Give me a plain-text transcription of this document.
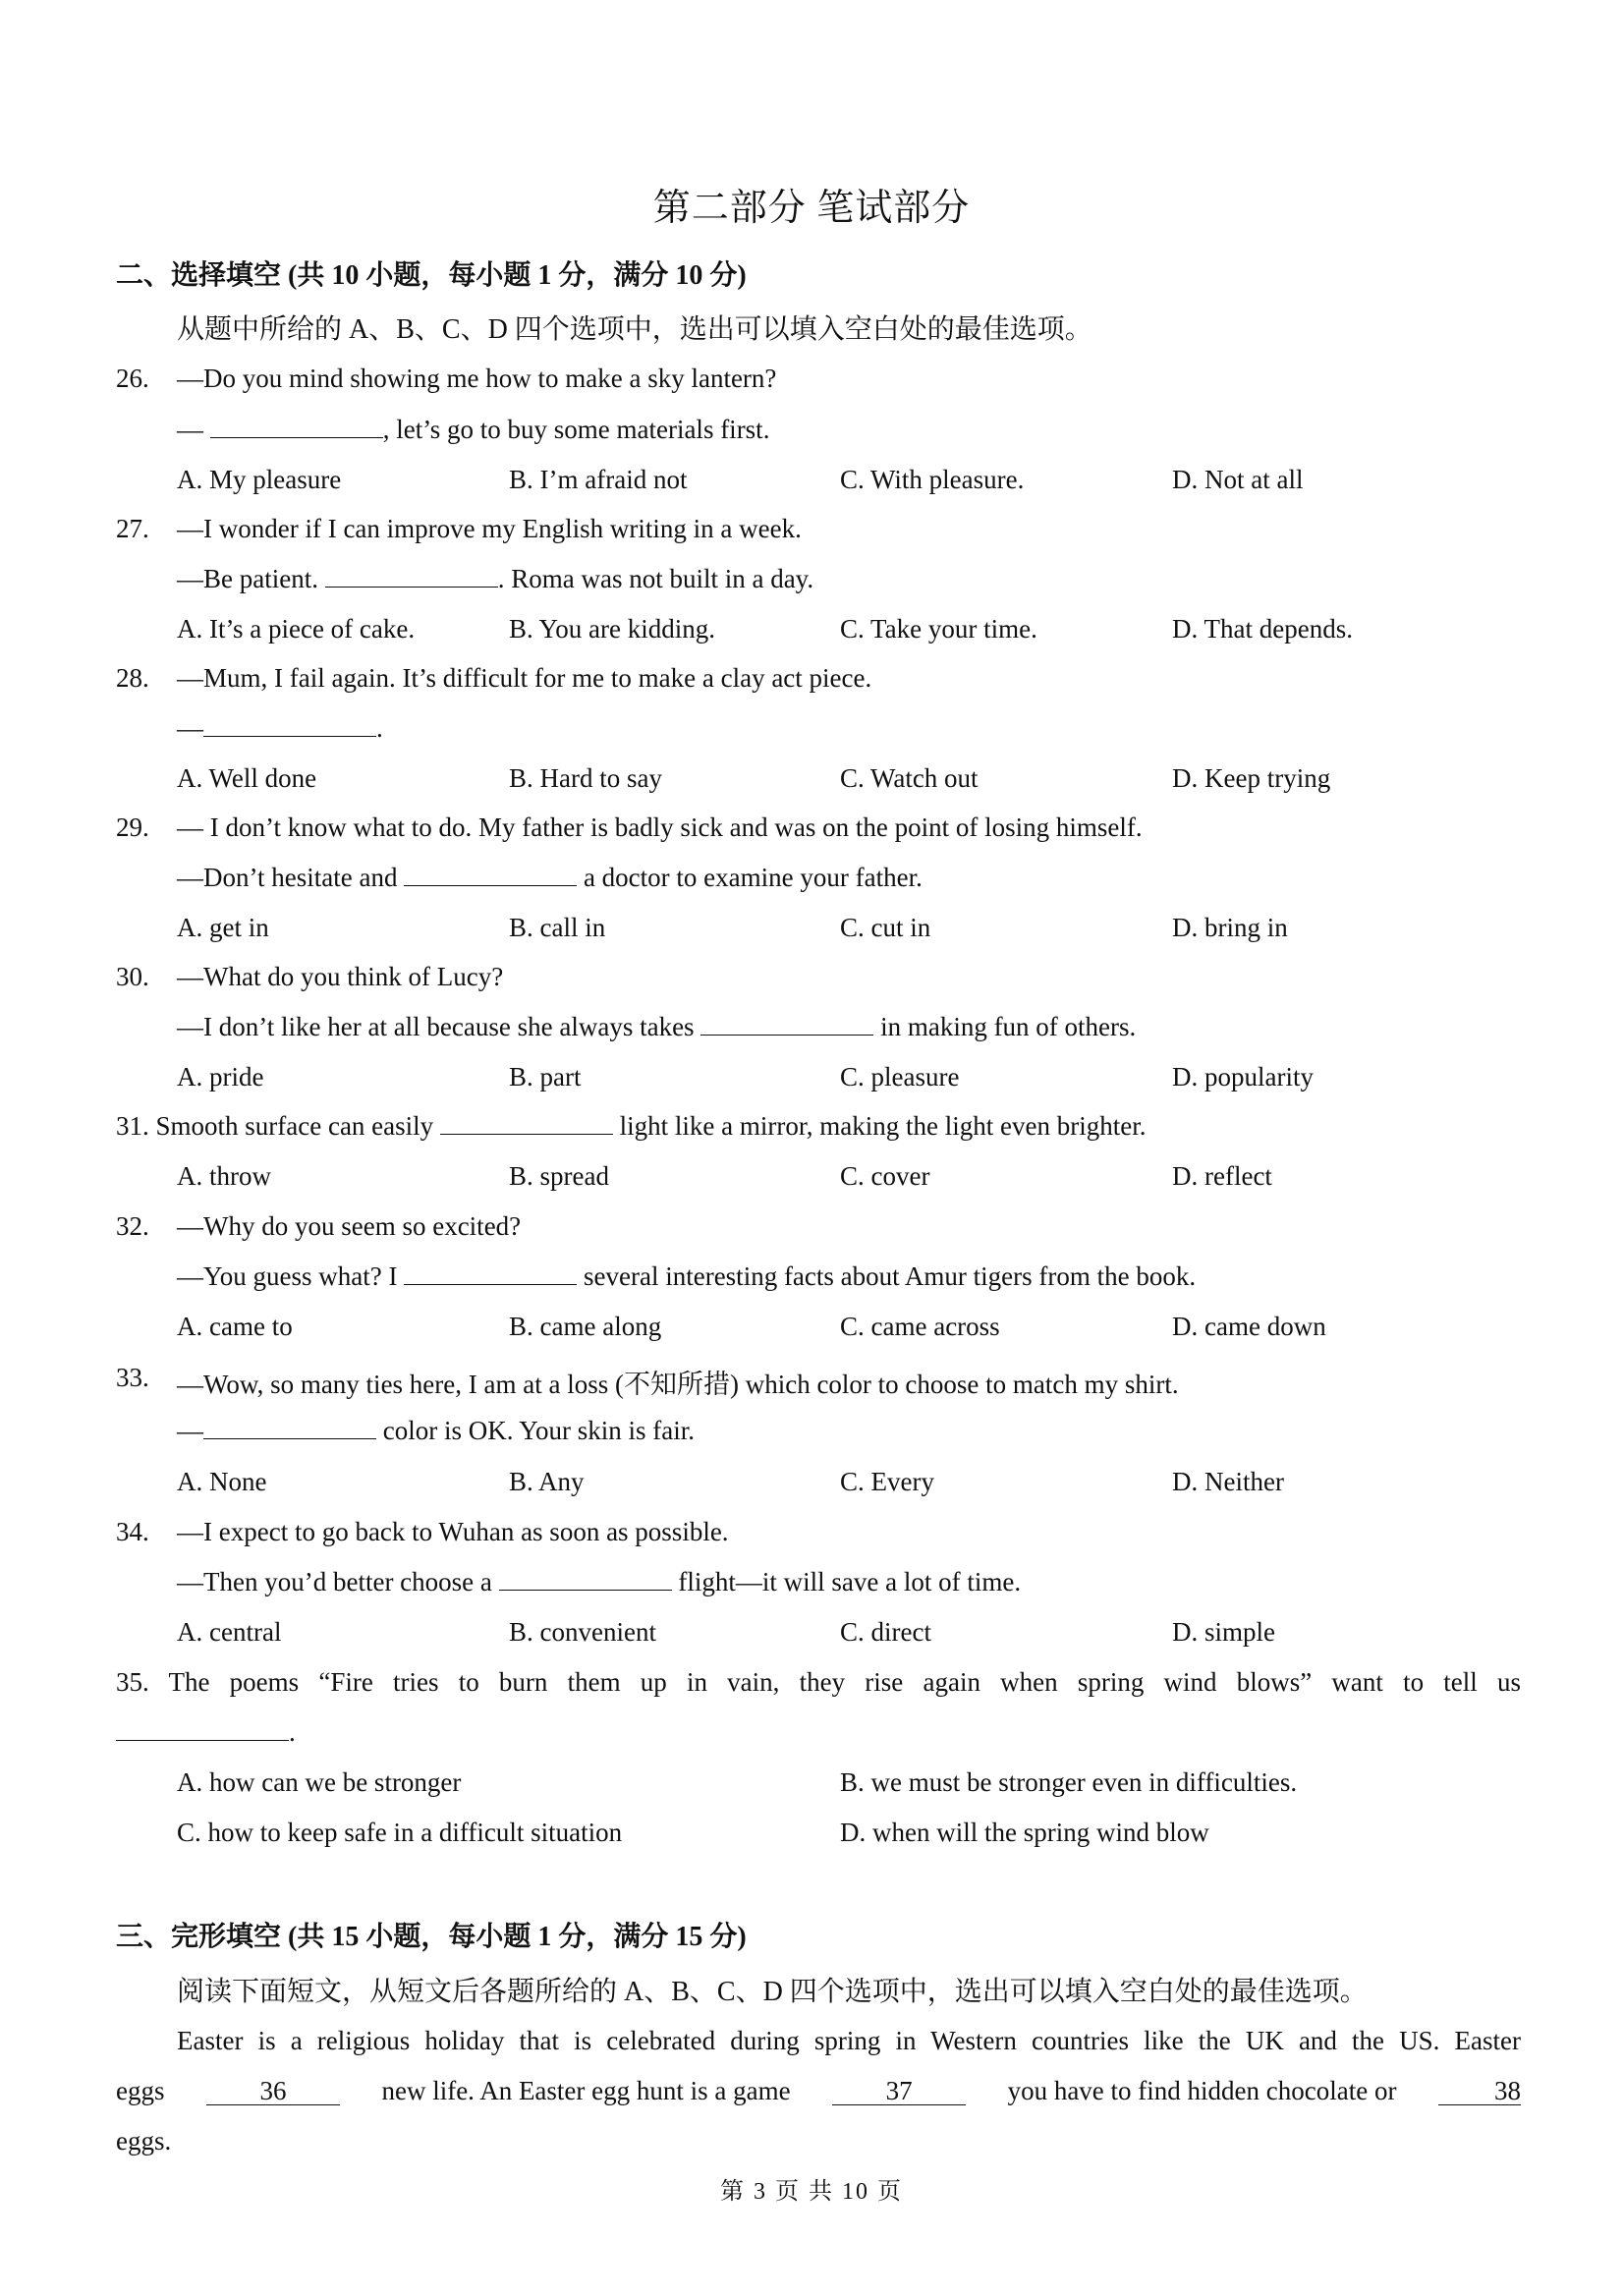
第二部分 笔试部分
二、选择填空 (共 10 小题，每小题 1 分，满分 10 分)
从题中所给的 A、B、C、D 四个选项中，选出可以填入空白处的最佳选项。
26. —Do you mind showing me how to make a sky lantern?
—	, let’s go to buy some materials first.
A. My pleasure	B. I’m afraid not	C. With pleasure.	D. Not at all
27. —I wonder if I can improve my English writing in a week.
—Be patient.	. Roma was not built in a day.
A. It’s a piece of cake.	B. You are kidding.	C. Take your time.	D. That depends.
28. —Mum, I fail again. It’s difficult for me to make a clay act piece.
—	.
A. Well done	B. Hard to say	C. Watch out	D. Keep trying
29. — I don’t know what to do. My father is badly sick and was on the point of losing himself.
—Don’t hesitate and	a doctor to examine your father.
A. get in	B. call in	C. cut in	D. bring in
30. —What do you think of Lucy?
—I don’t like her at all because she always takes	in making fun of others.
A. pride	B. part	C. pleasure	D. popularity
31. Smooth surface can easily	light like a mirror, making the light even brighter.
A. throw	B. spread	C. cover	D. reflect
32. —Why do you seem so excited?
—You guess what? I	several interesting facts about Amur tigers from the book.
A. came to	B. came along	C. came across	D. came down
33. —Wow, so many ties here, I am at a loss (不知所措) which color to choose to match my shirt.
—	color is OK. Your skin is fair.
A. None	B. Any	C. Every	D. Neither
34. —I expect to go back to Wuhan as soon as possible.
—Then you’d better choose a	flight—it will save a lot of time.
A. central	B. convenient	C. direct	D. simple
35. The poems “Fire tries to burn them up in vain, they rise again when spring wind blows” want to tell us
.
A. how can we be stronger	B. we must be stronger even in difficulties.
C. how to keep safe in a difficult situation	D. when will the spring wind blow
三、完形填空 (共 15 小题，每小题 1 分，满分 15 分)
阅读下面短文，从短文后各题所给的 A、B、C、D 四个选项中，选出可以填入空白处的最佳选项。
Easter is a religious holiday that is celebrated during spring in Western countries like the UK and the US. Easter
eggs	36	new life. An Easter egg hunt is a game	37	you have to find hidden chocolate or	38
eggs.
第 3 页 共 10 页
